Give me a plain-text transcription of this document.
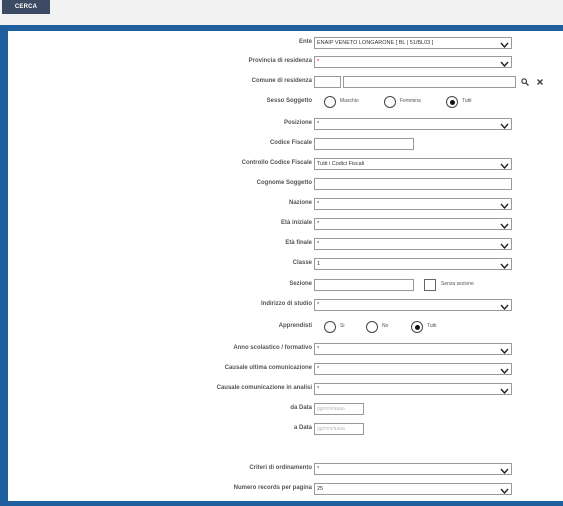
CERCA
Ente ENAIP VENETO LONGARONE [ BL | 51/BL03 ]
Provincia di residenza *
Comune di residenza
Sesso Soggetto	Maschio	Femmina	Tutti
Posizione *
Codice Fiscale
Controllo Codice Fiscale Tutti i Codici Fiscali
Cognome Soggetto
Nazione *
Età iniziale *
Età finale *
Classe 1
Sezione	Senza sezione
Indirizzo di studio *
Apprendisti	Si	No	Tutti
Anno scolastico / formativo *
Causale ultima comunicazione *
Causale comunicazione in analisi *
da Data gg/mm/aaaa
a Data gg/mm/aaaa
Criteri di ordinamento *
Numero records per pagina 25
